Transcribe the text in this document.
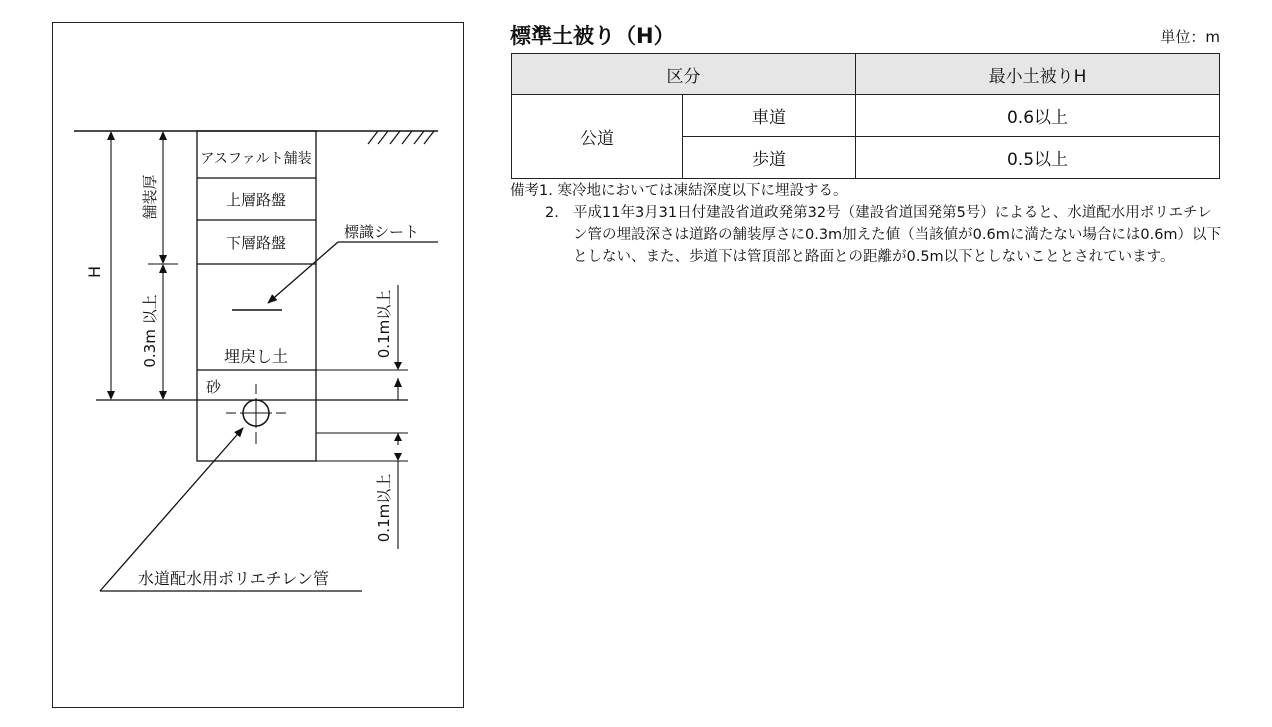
アスファルト舗装
上層路盤
下層路盤
埋戻し土
砂
標識シート
水道配水用ポリエチレン管
H
舗装厚
0.3m 以上	0.1m以上
0.1m以上
標準土被り（H）	単位：m
区分		最小土被りH
公道	車道	0.6以上
	歩道	0.5以上
備考1. 寒冷地においては凍結深度以下に埋設する。
2. 平成11年3月31日付建設省道政発第32号（建設省道国発第5号）によると、水道配水用ポリエチレン管の埋設深さは道路の舗装厚さに0.3m加えた値（当該値が0.6mに満たない場合には0.6m）以下としない、また、歩道下は管頂部と路面との距離が0.5m以下としないこととされています。
